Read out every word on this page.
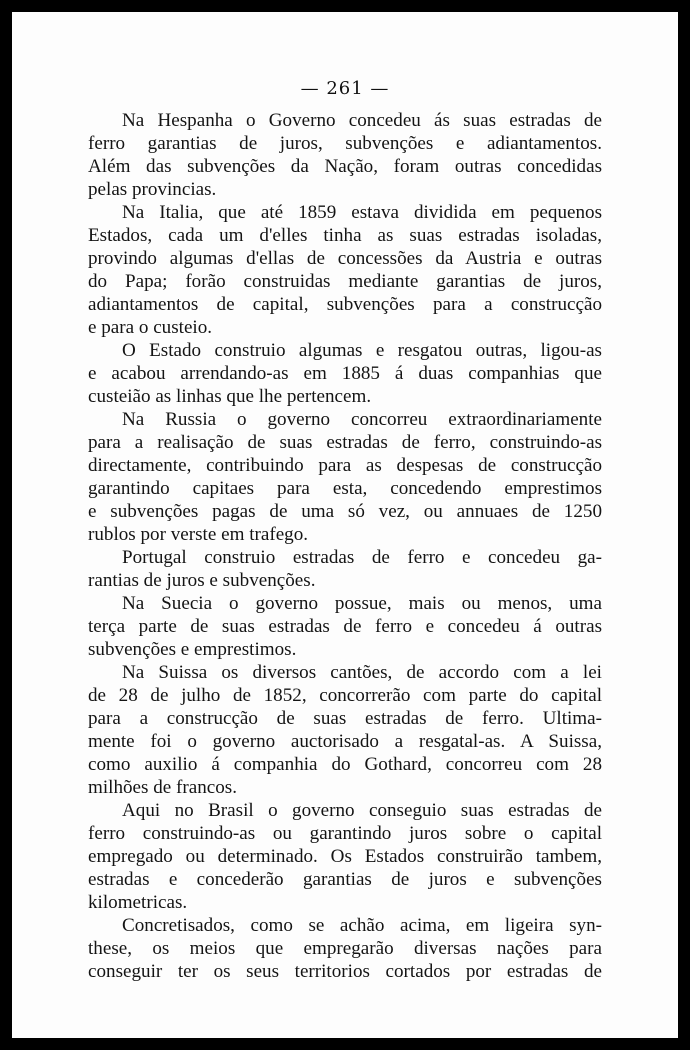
— 261 —
Na Hespanha o Governo concedeu ás suas estradas de
ferro garantias de juros, subvenções e adiantamentos.
Além das subvenções da Nação, foram outras concedidas
pelas provincias.
Na Italia, que até 1859 estava dividida em pequenos
Estados, cada um d'elles tinha as suas estradas isoladas,
provindo algumas d'ellas de concessões da Austria e outras
do Papa; forão construidas mediante garantias de juros,
adiantamentos de capital, subvenções para a construcção
e para o custeio.
O Estado construio algumas e resgatou outras, ligou-as
e acabou arrendando-as em 1885 á duas companhias que
custeião as linhas que lhe pertencem.
Na Russia o governo concorreu extraordinariamente
para a realisação de suas estradas de ferro, construindo-as
directamente, contribuindo para as despesas de construcção
garantindo capitaes para esta, concedendo emprestimos
e subvenções pagas de uma só vez, ou annuaes de 1250
rublos por verste em trafego.
Portugal construio estradas de ferro e concedeu ga-
rantias de juros e subvenções.
Na Suecia o governo possue, mais ou menos, uma
terça parte de suas estradas de ferro e concedeu á outras
subvenções e emprestimos.
Na Suissa os diversos cantões, de accordo com a lei
de 28 de julho de 1852, concorrerão com parte do capital
para a construcção de suas estradas de ferro. Ultima-
mente foi o governo auctorisado a resgatal-as. A Suissa,
como auxilio á companhia do Gothard, concorreu com 28
milhões de francos.
Aqui no Brasil o governo conseguio suas estradas de
ferro construindo-as ou garantindo juros sobre o capital
empregado ou determinado. Os Estados construirão tambem,
estradas e concederão garantias de juros e subvenções
kilometricas.
Concretisados, como se achão acima, em ligeira syn-
these, os meios que empregarão diversas nações para
conseguir ter os seus territorios cortados por estradas de
